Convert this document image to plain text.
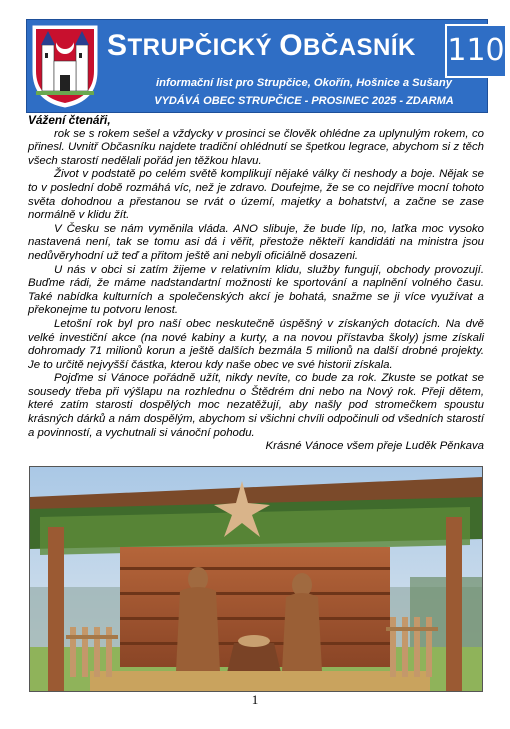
STRUPČICKÝ OBČASNÍK	110
informační list pro Strupčice, Okořín, Hošnice a Sušany
VYDÁVÁ OBEC STRUPČICE - PROSINEC 2025 - ZDARMA
Vážení čtenáři,

rok se s rokem sešel a vždycky v prosinci se člověk ohlédne za uplynulým rokem, co přinesl. Uvnitř Občasníku najdete tradiční ohlédnutí se špetkou legrace, abychom si z těch všech starostí nedělali pořád jen těžkou hlavu.

Život v podstatě po celém světě komplikují nějaké války či neshody a boje. Nějak se to v poslední době rozmáhá víc, než je zdravo. Doufejme, že se co nejdříve mocní tohoto světa dohodnou a přestanou se rvát o území, majetky a bohatství, a začne se zase normálně v klidu žít.

V Česku se nám vyměnila vláda. ANO slibuje, že bude líp, no, laťka moc vysoko nastavená není, tak se tomu asi dá i věřit, přestože někteří kandidáti na ministra jsou nedůvěryhodní už teď a přitom ještě ani nebyli oficiálně dosazeni.

U nás v obci si zatím žijeme v relativním klidu, služby fungují, obchody provozují. Buďme rádi, že máme nadstandartní možnosti ke sportování a naplnění volného času. Také nabídka kulturních a společenských akcí je bohatá, snažme se ji více využívat a překonejme tu potvoru lenost.

Letošní rok byl pro naší obec neskutečně úspěšný v získaných dotacích. Na dvě velké investiční akce (na nové kabiny a kurty, a na novou přístavba školy) jsme získali dohromady 71 milionů korun a ještě dalších bezmála 5 milionů na další drobné projekty. Je to určitě nejvyšší částka, kterou kdy naše obec ve své historii získala.

Pojďme si Vánoce pořádně užít, nikdy nevíte, co bude za rok. Zkuste se potkat se sousedy třeba při výšlapu na rozhlednu o Štědrém dni nebo na Nový rok. Přeji dětem, které zatím starosti dospělých moc nezatěžují, aby našly pod stromečkem spoustu krásných dárků a nám dospělým, abychom si všichni chvíli odpočinuli od všedních starostí a povinností, a vychutnali si vánoční pohodu.

Krásné Vánoce všem přeje Luděk Pěnkava
1
